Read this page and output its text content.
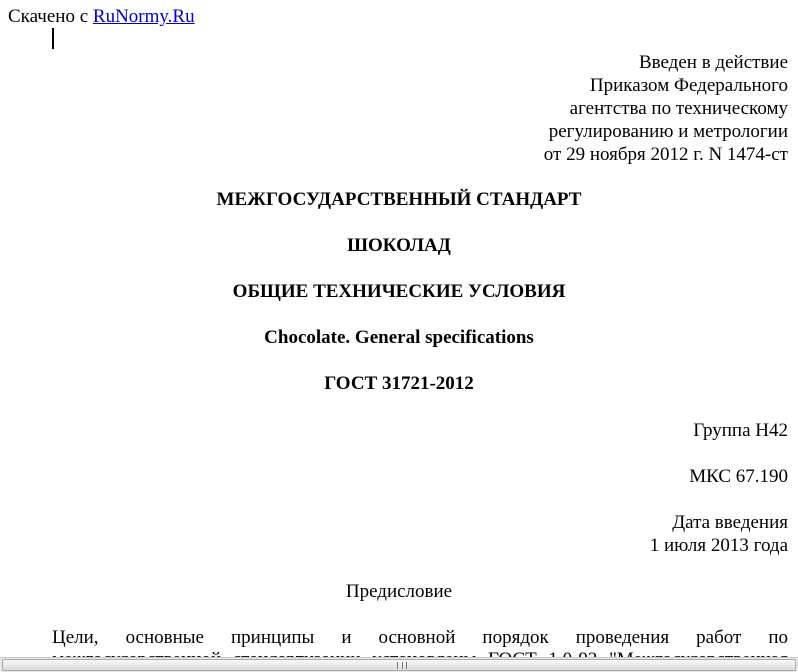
Скачено с RuNormy.Ru
Введен в действие
Приказом Федерального
агентства по техническому
регулированию и метрологии
от 29 ноября 2012 г. N 1474-ст
МЕЖГОСУДАРСТВЕННЫЙ СТАНДАРТ
ШОКОЛАД
ОБЩИЕ ТЕХНИЧЕСКИЕ УСЛОВИЯ
Chocolate. General specifications
ГОСТ 31721-2012
Группа Н42
МКС 67.190
Дата введения
1 июля 2013 года
Предисловие
Цели, основные принципы и основной порядок проведения работ по
